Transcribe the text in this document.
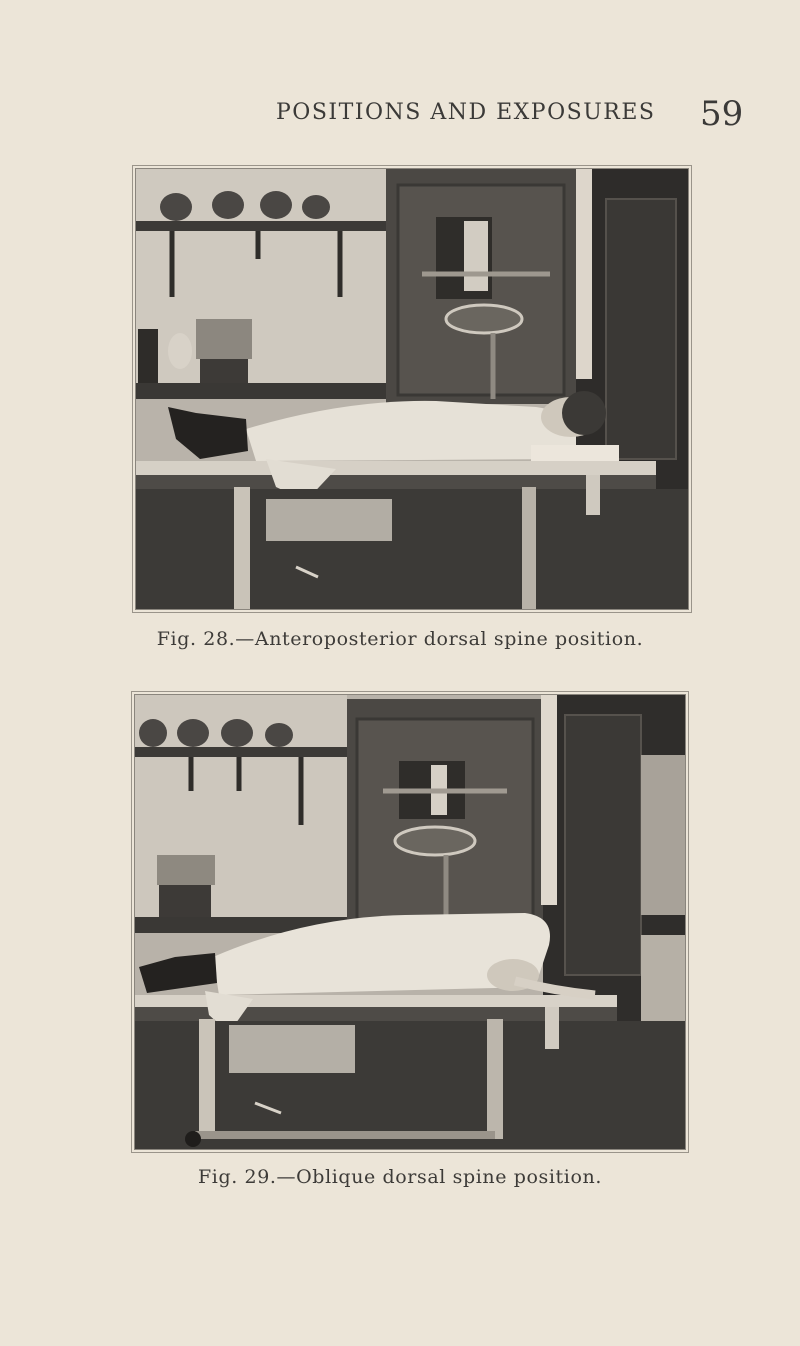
POSITIONS AND EXPOSURES 59
Fig. 28.—Anteroposterior dorsal spine position.
Fig. 29.—Oblique dorsal spine position.
